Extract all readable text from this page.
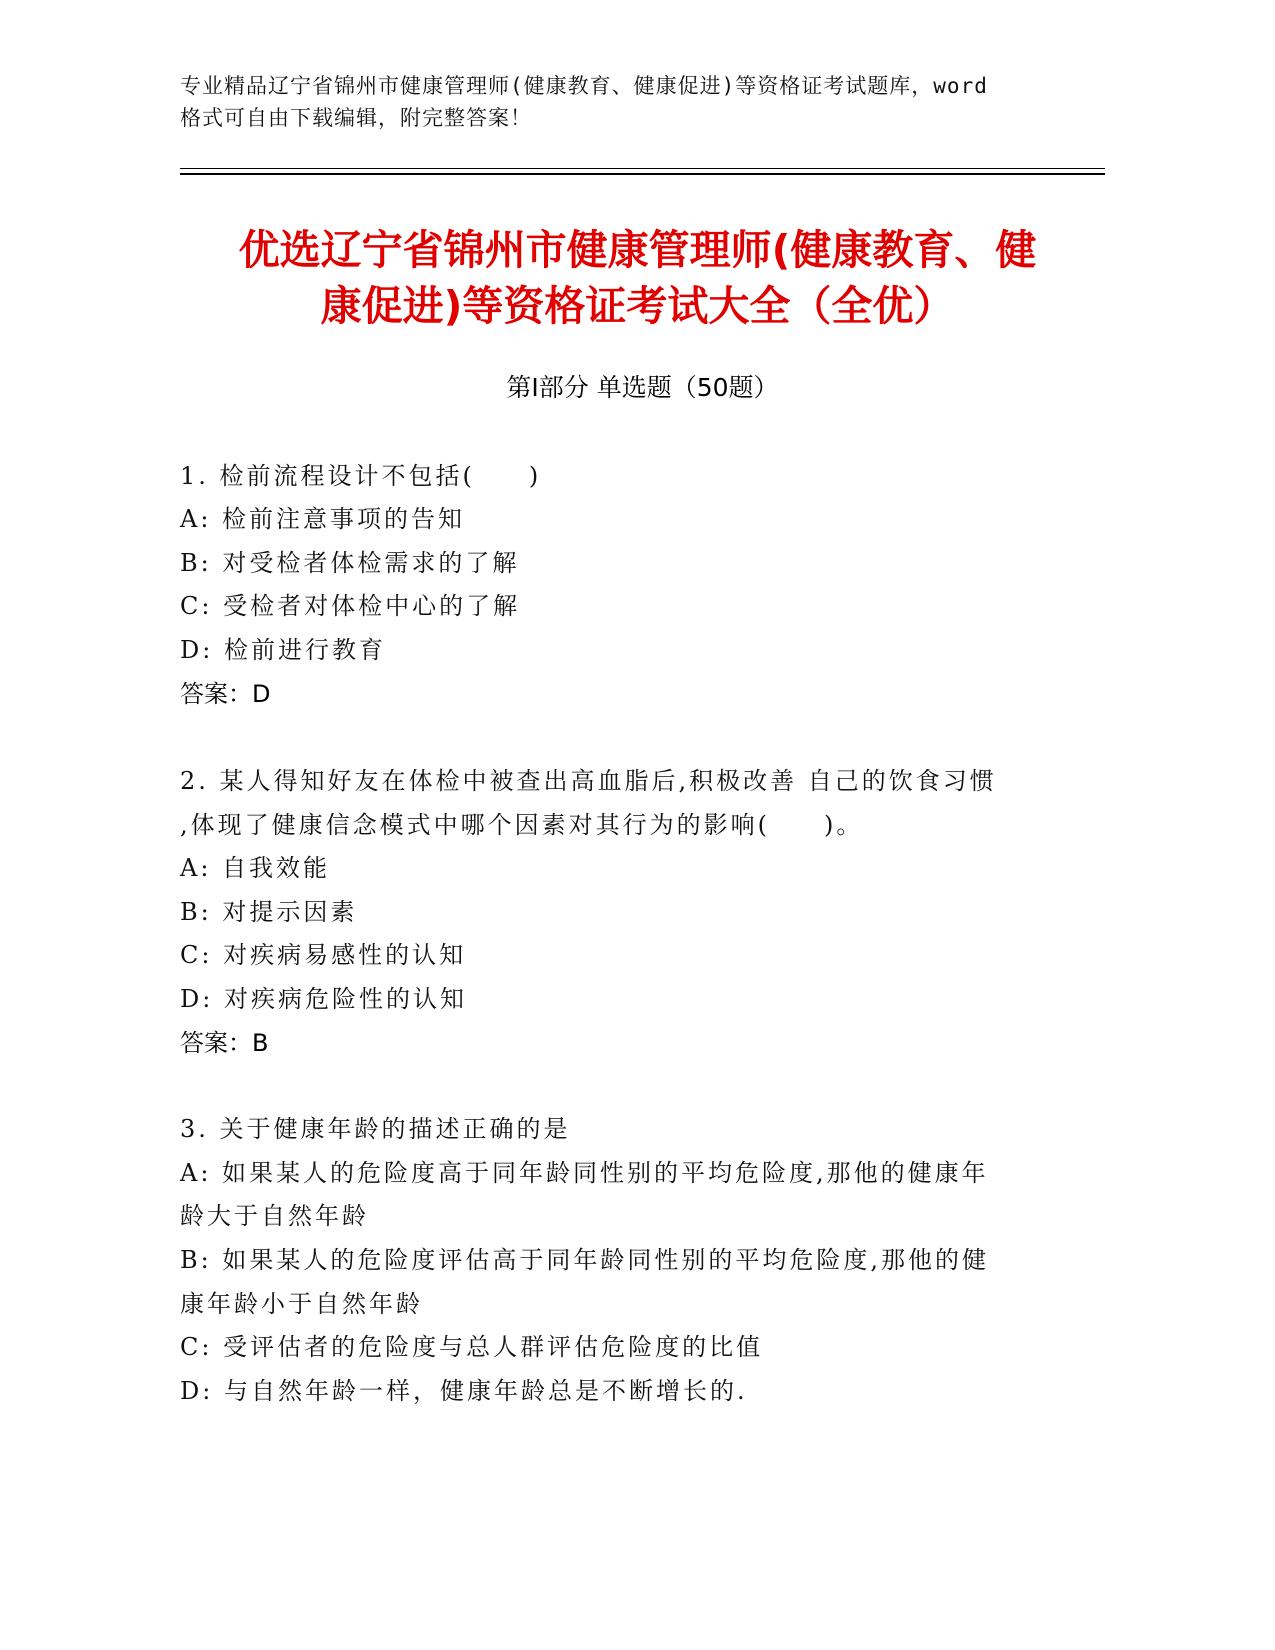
专业精品辽宁省锦州市健康管理师(健康教育、健康促进)等资格证考试题库，word
格式可自由下载编辑，附完整答案！
优选辽宁省锦州市健康管理师(健康教育、健
康促进)等资格证考试大全（全优）
第Ⅰ部分 单选题（50题）
1. 检前流程设计不包括(　　)
A: 检前注意事项的告知
B: 对受检者体检需求的了解
C: 受检者对体检中心的了解
D: 检前进行教育
答案：D
2. 某人得知好友在体检中被查出高血脂后,积极改善 自己的饮食习惯
,体现了健康信念模式中哪个因素对其行为的影响(　　)。
A: 自我效能
B: 对提示因素
C: 对疾病易感性的认知
D: 对疾病危险性的认知
答案：B
3. 关于健康年龄的描述正确的是
A: 如果某人的危险度高于同年龄同性别的平均危险度,那他的健康年
龄大于自然年龄
B: 如果某人的危险度评估高于同年龄同性别的平均危险度,那他的健
康年龄小于自然年龄
C: 受评估者的危险度与总人群评估危险度的比值
D: 与自然年龄一样，健康年龄总是不断增长的.
